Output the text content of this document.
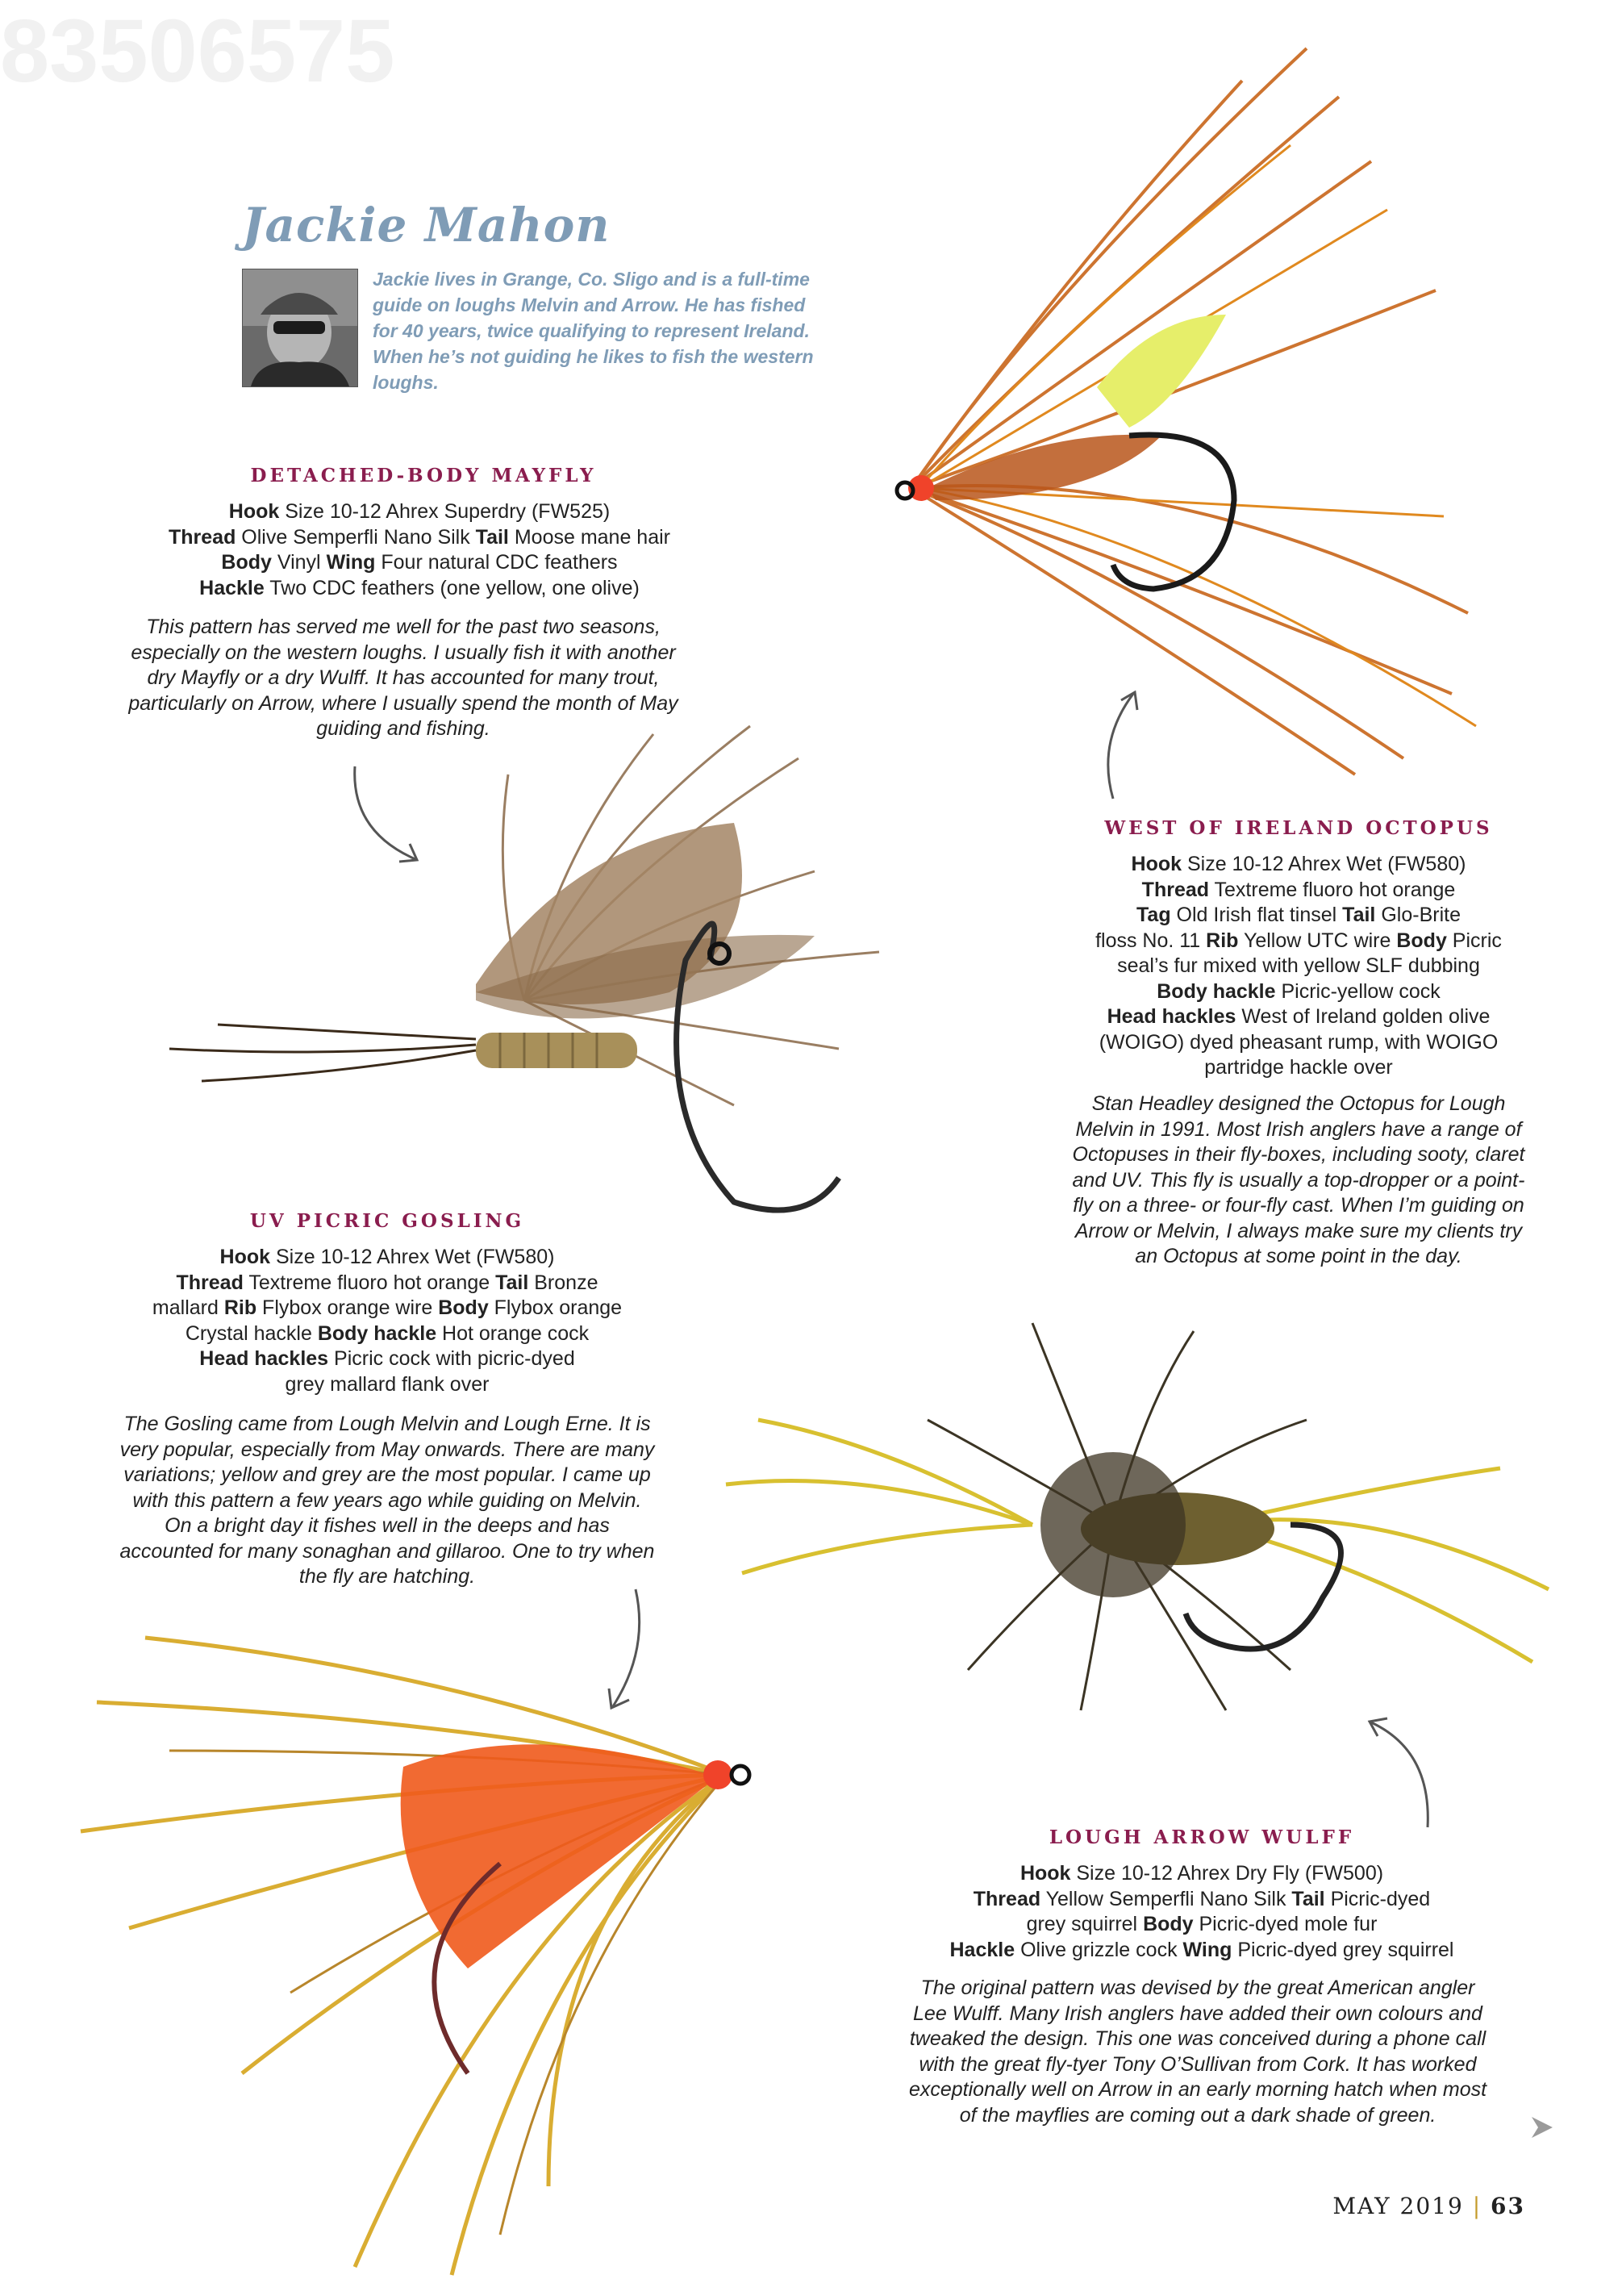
83506575
Jackie Mahon
Jackie lives in Grange, Co. Sligo and is a full-time guide on loughs Melvin and Arrow. He has fished for 40 years, twice qualifying to represent Ireland. When he’s not guiding he likes to fish the western loughs.
DETACHED-BODY MAYFLY
Hook Size 10-12 Ahrex Superdry (FW525)
Thread Olive Semperfli Nano Silk Tail Moose mane hair
Body Vinyl Wing Four natural CDC feathers
Hackle Two CDC feathers (one yellow, one olive)
This pattern has served me well for the past two seasons, especially on the western loughs. I usually fish it with another dry Mayfly or a dry Wulff. It has accounted for many trout, particularly on Arrow, where I usually spend the month of May guiding and fishing.
WEST OF IRELAND OCTOPUS
Hook Size 10-12 Ahrex Wet (FW580)
Thread Textreme fluoro hot orange
Tag Old Irish flat tinsel Tail Glo-Brite
floss No. 11 Rib Yellow UTC wire Body Picric
seal’s fur mixed with yellow SLF dubbing
Body hackle Picric-yellow cock
Head hackles West of Ireland golden olive
(WOIGO) dyed pheasant rump, with WOIGO
partridge hackle over
Stan Headley designed the Octopus for Lough Melvin in 1991. Most Irish anglers have a range of Octopuses in their fly-boxes, including sooty, claret and UV. This fly is usually a top-dropper or a point-fly on a three- or four-fly cast. When I’m guiding on Arrow or Melvin, I always make sure my clients try an Octopus at some point in the day.
UV PICRIC GOSLING
Hook Size 10-12 Ahrex Wet (FW580)
Thread Textreme fluoro hot orange Tail Bronze
mallard Rib Flybox orange wire Body Flybox orange
Crystal hackle Body hackle Hot orange cock
Head hackles Picric cock with picric-dyed
grey mallard flank over
The Gosling came from Lough Melvin and Lough Erne. It is very popular, especially from May onwards. There are many variations; yellow and grey are the most popular. I came up with this pattern a few years ago while guiding on Melvin. On a bright day it fishes well in the deeps and has accounted for many sonaghan and gillaroo. One to try when the fly are hatching.
LOUGH ARROW WULFF
Hook Size 10-12 Ahrex Dry Fly (FW500)
Thread Yellow Semperfli Nano Silk Tail Picric-dyed
grey squirrel Body Picric-dyed mole fur
Hackle Olive grizzle cock Wing Picric-dyed grey squirrel
The original pattern was devised by the great American angler Lee Wulff. Many Irish anglers have added their own colours and tweaked the design. This one was conceived during a phone call with the great fly-tyer Tony O’Sullivan from Cork. It has worked exceptionally well on Arrow in an early morning hatch when most of the mayflies are coming out a dark shade of green.
MAY 2019 | 63
